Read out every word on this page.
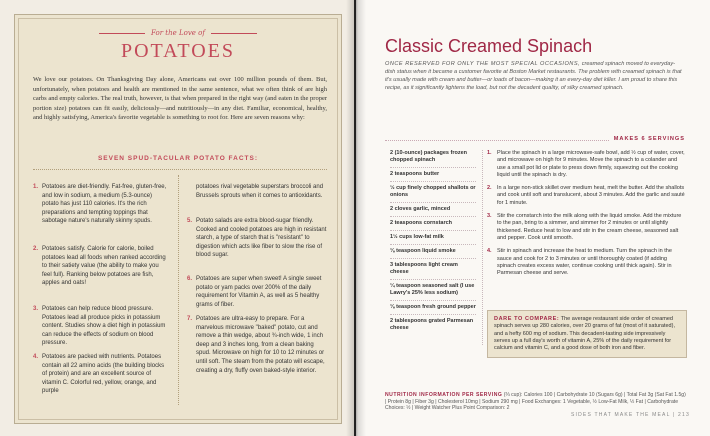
For the Love of
POTATOES
We love our potatoes. On Thanksgiving Day alone, Americans eat over 100 million pounds of them. But, unfortunately, when potatoes and health are mentioned in the same sentence, what we often think of are high carbs and empty calories. The real truth, however, is that when prepared in the right way (and eaten in the proper portion size) potatoes can fit easily, deliciously—and nutritiously—in any diet. Familiar, economical, healthy, and highly satisfying, America's favorite vegetable is something to root for. Here are seven reasons why:
SEVEN SPUD-TACULAR POTATO FACTS:
1. Potatoes are diet-friendly. Fat-free, gluten-free, and low in sodium, a medium (5.3-ounce) potato has just 110 calories. It's the rich preparations and tempting toppings that sabotage nature's naturally skinny spuds.
2. Potatoes satisfy. Calorie for calorie, boiled potatoes lead all foods when ranked according to their satiety value (the ability to make you feel full). Ranking below potatoes are fish, apples and oats!
3. Potatoes can help reduce blood pressure. Potatoes lead all produce picks in potassium content. Studies show a diet high in potassium can reduce the effects of sodium on blood pressure.
4. Potatoes are packed with nutrients. Potatoes contain all 22 amino acids (the building blocks of protein) and are an excellent source of vitamin C. Colorful red, yellow, orange, and purple
potatoes rival vegetable superstars broccoli and Brussels sprouts when it comes to antioxidants.
5. Potato salads are extra blood-sugar friendly. Cooked and cooled potatoes are high in resistant starch, a type of starch that is "resistant" to digestion which acts like fiber to slow the rise of blood sugar.
6. Potatoes are super when sweet! A single sweet potato or yam packs over 200% of the daily requirement for Vitamin A, as well as 5 healthy grams of fiber.
7. Potatoes are ultra-easy to prepare. For a marvelous microwave "baked" potato, cut and remove a thin wedge, about ¾-inch wide, 1 inch deep and 3 inches long, from a clean baking spud. Microwave on high for 10 to 12 minutes or until soft. The steam from the potato will escape, creating a dry, fluffy oven baked-style interior.
Classic Creamed Spinach
ONCE RESERVED FOR ONLY THE MOST SPECIAL OCCASIONS, creamed spinach moved to everyday-dish status when it became a customer favorite at Boston Market restaurants. The problem with creamed spinach is that it's usually made with cream and butter—or loads of bacon—making it an every-day diet killer. I am proud to share this recipe, as it significantly lightens the load, but not the decadent quality, of silky creamed spinach.
MAKES 6 SERVINGS
2 (10-ounce) packages frozen chopped spinach
2 teaspoons butter
½ cup finely chopped shallots or onions
2 cloves garlic, minced
2 teaspoons cornstarch
1½ cups low-fat milk
⅛ teaspoon liquid smoke
3 tablespoons light cream cheese
¼ teaspoon seasoned salt (I use Lawry's 25% less sodium)
⅛ teaspoon fresh ground pepper
2 tablespoons grated Parmesan cheese
1. Place the spinach in a large microwave-safe bowl, add ½ cup of water, cover, and microwave on high for 9 minutes. Move the spinach to a colander and use a small pot lid or plate to press down firmly, squeezing out the cooking liquid until the spinach is dry.
2. In a large non-stick skillet over medium heat, melt the butter. Add the shallots and cook until soft and translucent, about 3 minutes. Add the garlic and sauté for 1 minute.
3. Stir the cornstarch into the milk along with the liquid smoke. Add the mixture to the pan, bring to a simmer, and simmer for 2 minutes or until slightly thickened. Reduce heat to low and stir in the cream cheese, seasoned salt and pepper. Cook until smooth.
4. Stir in spinach and increase the heat to medium. Turn the spinach in the sauce and cook for 2 to 3 minutes or until thoroughly coated (if adding spinach creates excess water, continue cooking until thick again). Stir in Parmesan cheese and serve.
DARE TO COMPARE: The average restaurant side order of creamed spinach serves up 280 calories, over 20 grams of fat (most of it saturated), and a hefty 600 mg of sodium. This decadent-tasting side impressively serves up a full day's worth of vitamin A, 25% of the daily requirement for calcium and vitamin C, and a good dose of both iron and fiber.
NUTRITION INFORMATION PER SERVING (⅔ cup): Calories 100 | Carbohydrate 10 (Sugars 6g) | Total Fat 3g (Sat Fat 1.5g) | Protein 8g | Fiber 3g | Cholesterol 10mg | Sodium 290 mg | Food Exchanges: 1 Vegetable, ½ Low-Fat Milk, ½ Fat | Carbohydrate Choices: ½ | Weight Watcher Plus Point Comparison: 2
SIDES THAT MAKE THE MEAL | 213
